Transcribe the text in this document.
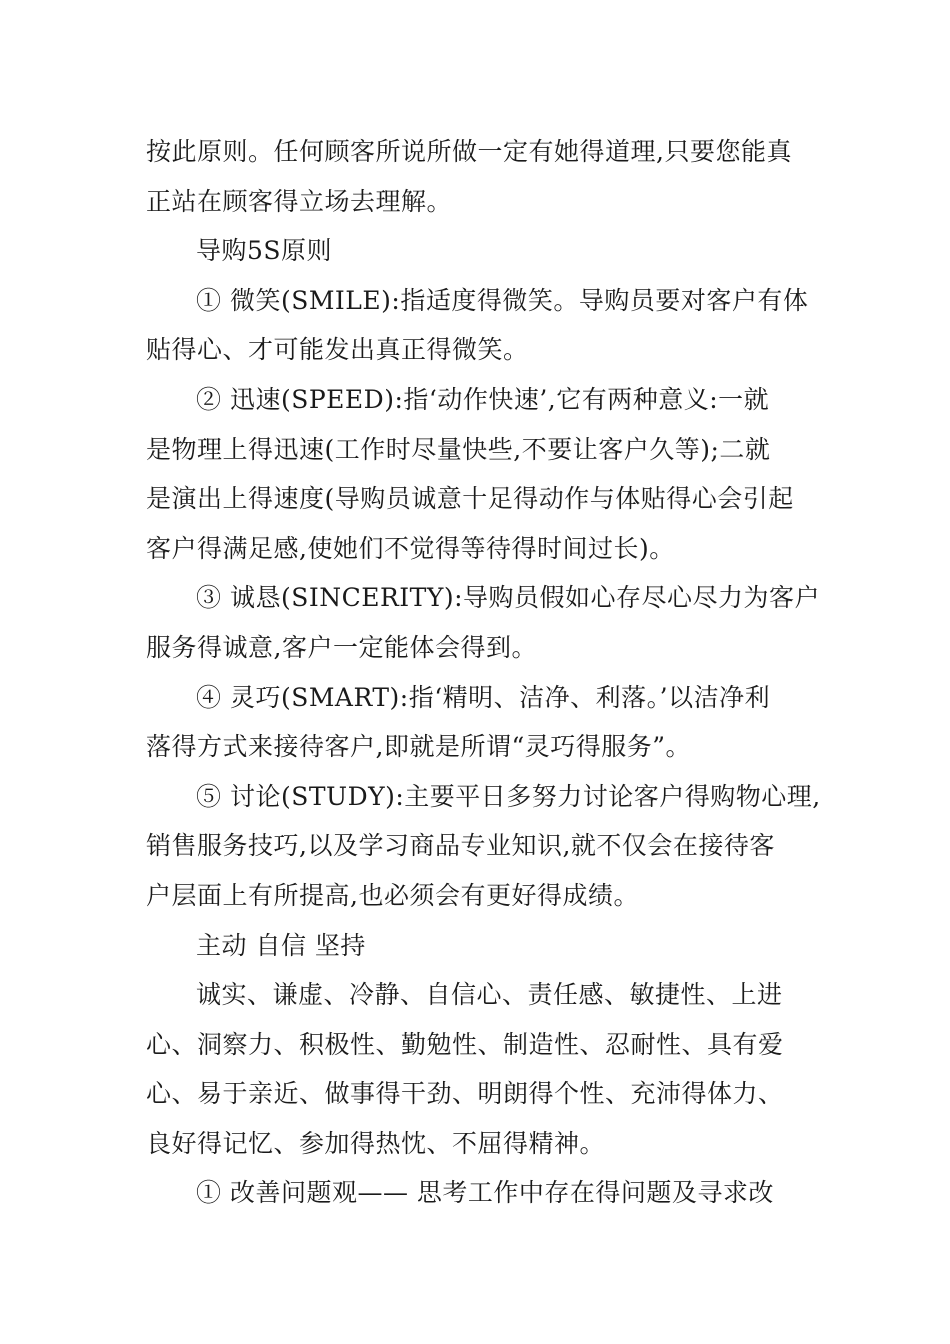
按此原则。任何顾客所说所做一定有她得道理,只要您能真
正站在顾客得立场去理解。
导购5S原则
① 微笑(SMILE):指适度得微笑。导购员要对客户有体
贴得心、才可能发出真正得微笑。
② 迅速(SPEED):指‘动作快速’,它有两种意义:一就
是物理上得迅速(工作时尽量快些,不要让客户久等);二就
是演出上得速度(导购员诚意十足得动作与体贴得心会引起
客户得满足感,使她们不觉得等待得时间过长)。
③ 诚恳(SINCERITY):导购员假如心存尽心尽力为客户
服务得诚意,客户一定能体会得到。
④ 灵巧(SMART):指‘精明、洁净、利落。’以洁净利
落得方式来接待客户,即就是所谓“灵巧得服务”。
⑤ 讨论(STUDY):主要平日多努力讨论客户得购物心理,
销售服务技巧,以及学习商品专业知识,就不仅会在接待客
户层面上有所提高,也必须会有更好得成绩。
主动 自信 坚持
诚实、谦虚、冷静、自信心、责任感、敏捷性、上进
心、洞察力、积极性、勤勉性、制造性、忍耐性、具有爱
心、易于亲近、做事得干劲、明朗得个性、充沛得体力、
良好得记忆、参加得热忱、不屈得精神。
① 改善问题观—— 思考工作中存在得问题及寻求改
